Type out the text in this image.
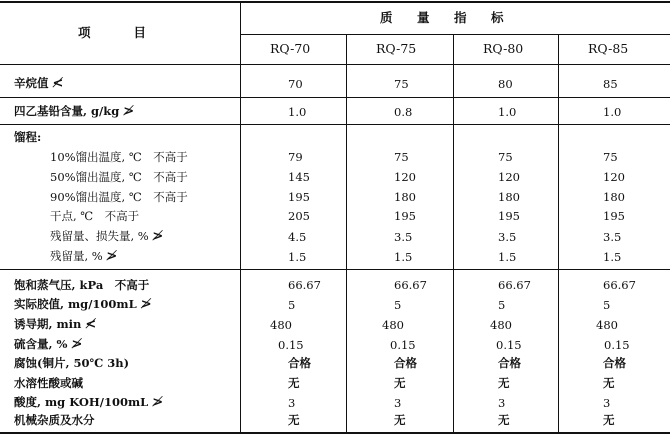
项　　目
质　量　指　标
RQ-70	RQ-75	RQ-80	RQ-85
辛烷值 ≮	70	75	80	85
四乙基铅含量, g/kg ≯	1.0	0.8	1.0	1.0
馏程:
10%馏出温度, ℃　不高于	79	75	75	75
50%馏出温度, ℃　不高于	145	120	120	120
90%馏出温度, ℃　不高于	195	180	180	180
干点, ℃　不高于	205	195	195	195
残留量、损失量, % ≯	4.5	3.5	3.5	3.5
残留量, % ≯	1.5	1.5	1.5	1.5
饱和蒸气压, kPa　不高于	66.67	66.67	66.67	66.67
实际胶值, mg/100mL ≯	5	5	5	5
诱导期, min ≮	480	480	480	480
硫含量, % ≯	0.15	0.15	0.15	0.15
腐蚀(铜片, 50℃ 3h)	合格	合格	合格	合格
水溶性酸或碱	无	无	无	无
酸度, mg KOH/100mL ≯	3	3	3	3
机械杂质及水分	无	无	无	无
